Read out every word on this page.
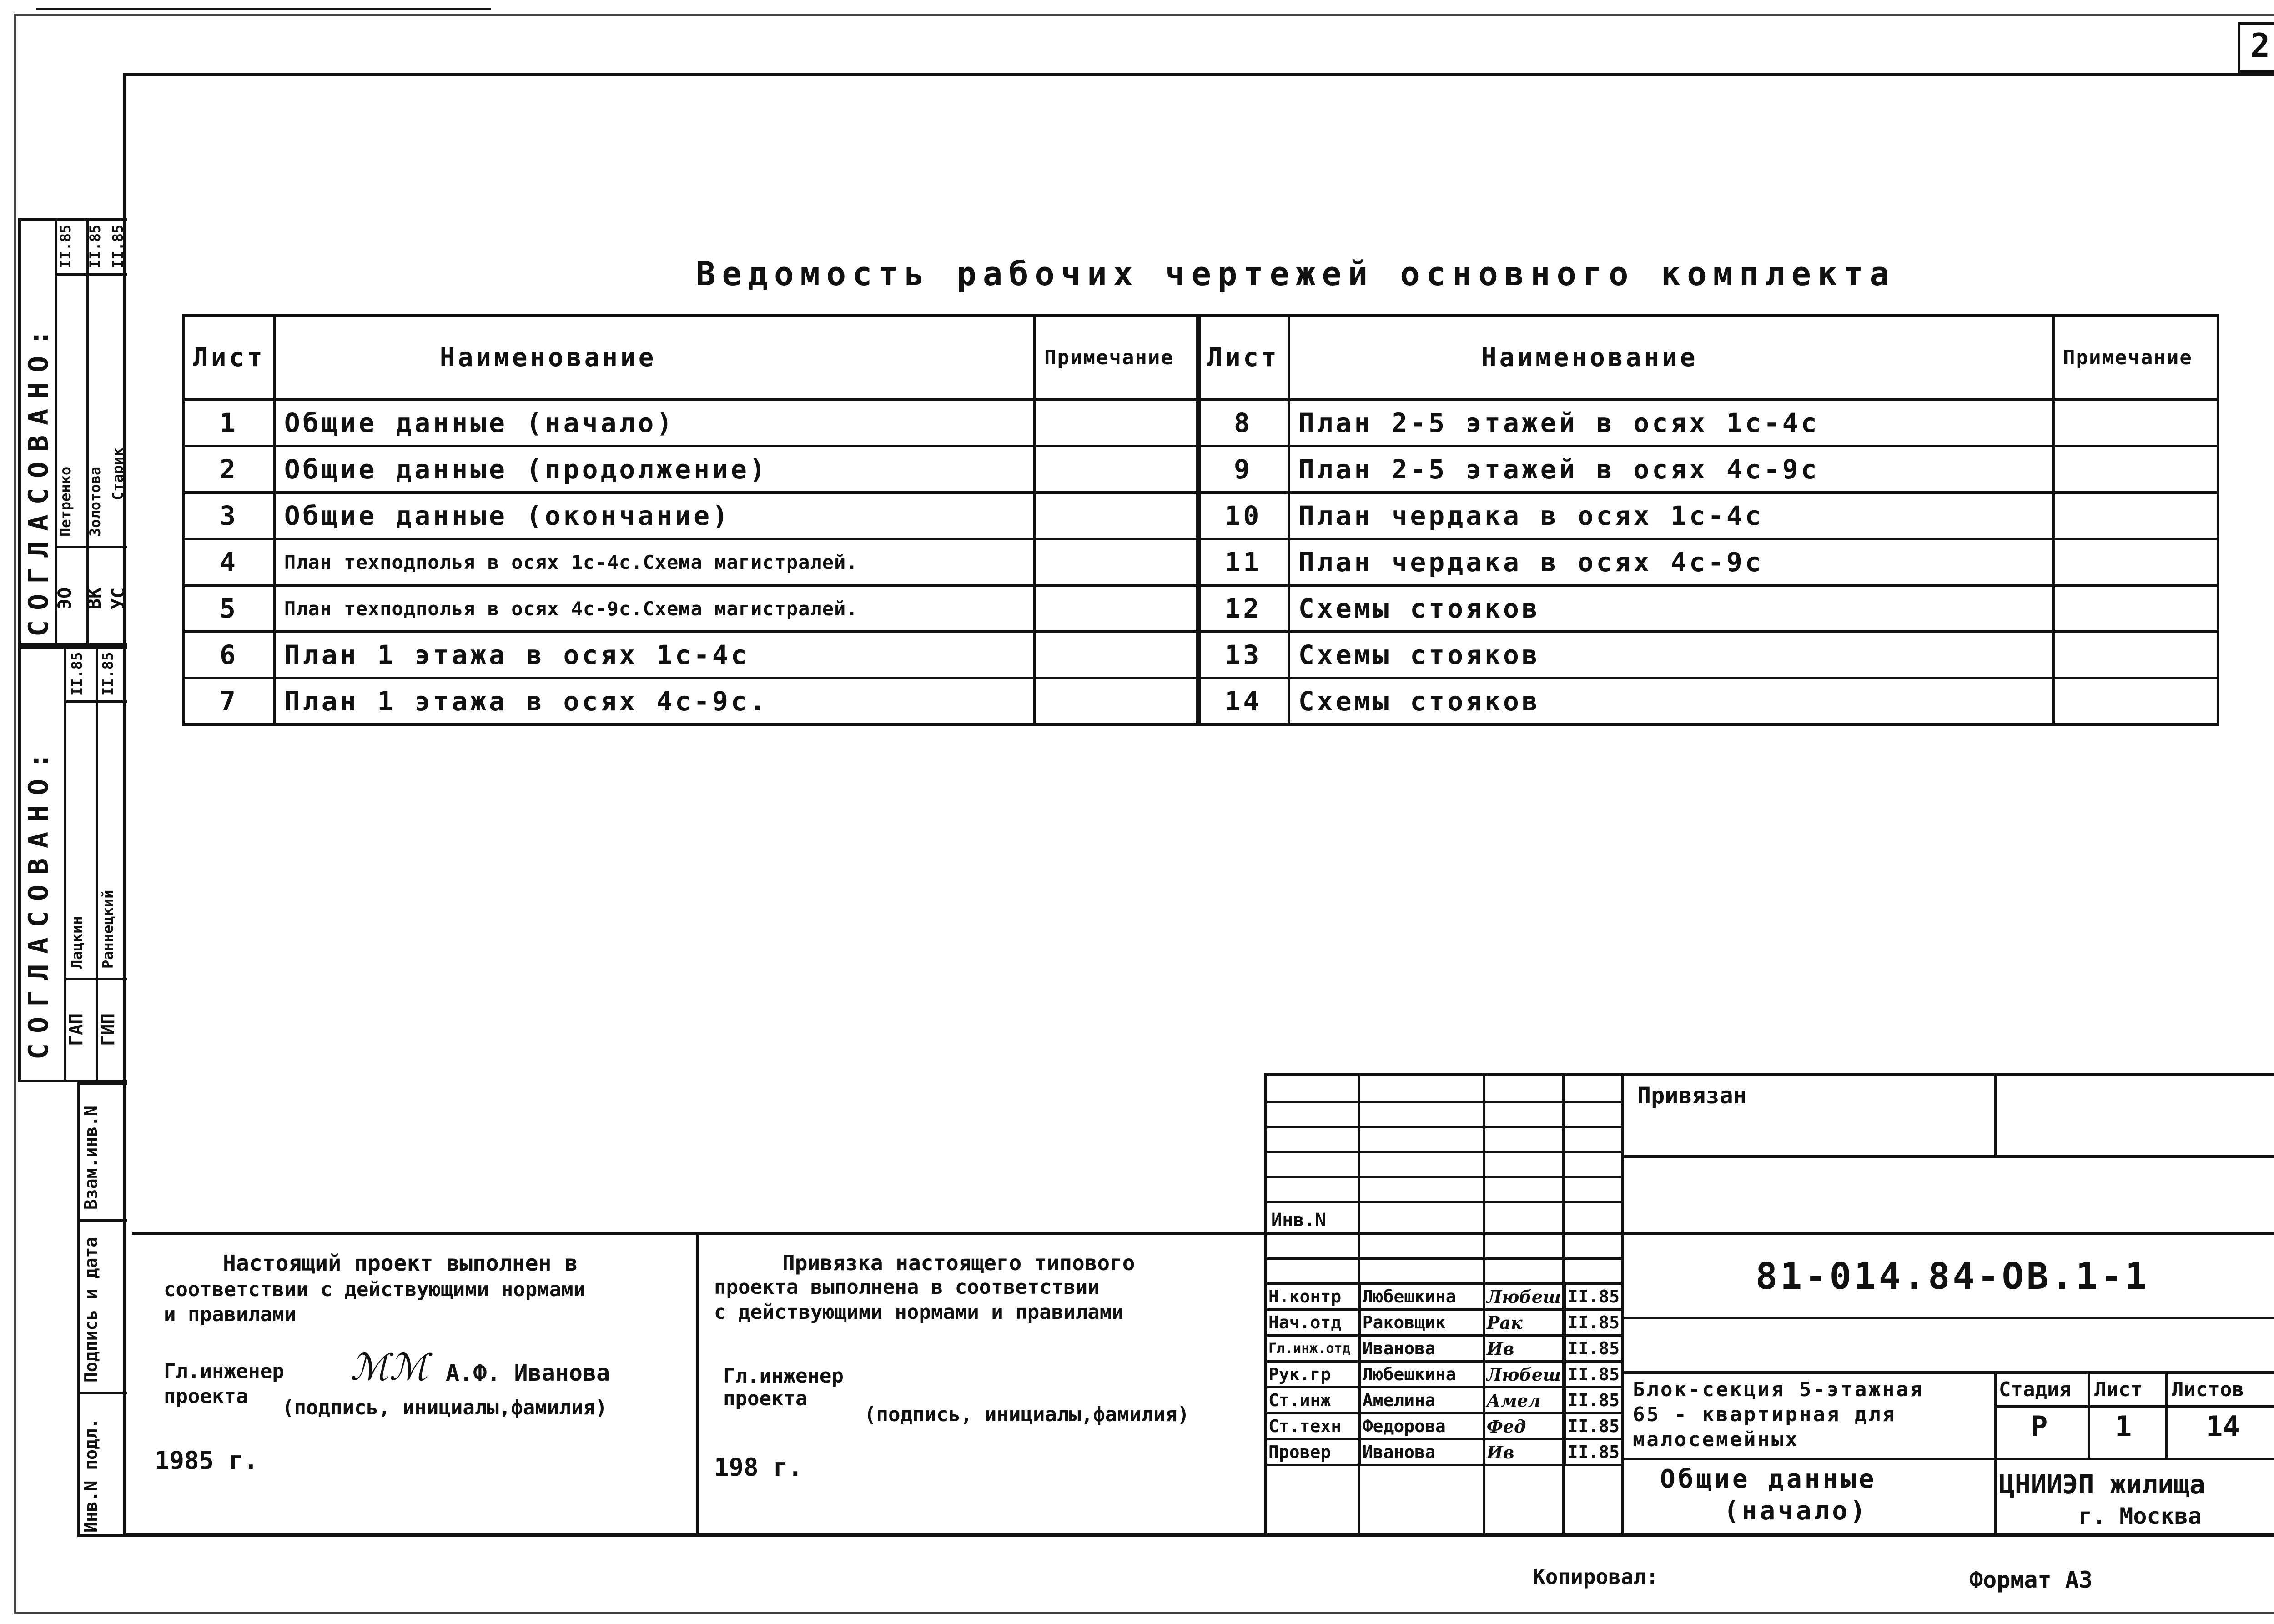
2
Ведомость рабочих чертежей основного комплекта
Лист	Наименование	Примечание
1	Общие данные (начало)	
2	Общие данные (продолжение)	
3	Общие данные (окончание)	
4	План техподполья в осях 1с-4с.Схема магистралей.	
5	План техподполья в осях 4с-9с.Схема магистралей.	
6	План 1 этажа в осях 1с-4с	
7	План 1 этажа в осях 4с-9с.	
Лист	Наименование	Примечание
8	План 2-5 этажей в осях 1с-4с	
9	План 2-5 этажей в осях 4с-9с	
10	План чердака в осях 1с-4с	
11	План чердака в осях 4с-9с	
12	Схемы стояков	
13	Схемы стояков	
14	Схемы стояков	
СОГЛАСОВАНО: ЭО
Петренко
II.85
ВК
Золотова
II.85
УС
Старик
II.85
СОГЛАСОВАНО: ГАП
Лацкин
II.85
ГИП
Раннецкий
II.85
Взам.инв.N
Подпись и дата
Инв.N подл.
Настоящий проект выполнен в
соответствии с действующими нормами
и правилами
Гл.инженер
проекта
ℳℳ А.Ф. Иванова
(подпись, инициалы,фамилия)
1985 г.
Привязка настоящего типового
проекта выполнена в соответствии
с действующими нормами и правилами
Гл.инженер
проекта
(подпись, инициалы,фамилия)
198 г.
Инв.N
Н.контр	Любешкина	Любеш	II.85
Нач.отд	Раковщик	Рак	II.85
Гл.инж.отд	Иванова	Ив	II.85
Рук.гр	Любешкина	Любеш	II.85
Ст.инж	Амелина	Амел	II.85
Ст.техн	Федорова	Фед	II.85
Провер	Иванова	Ив	II.85
Привязан
81-014.84-ОВ.1-1
Блок-секция 5-этажная
65 - квартирная для
малосемейных
Стадия Лист Листов
Р 1	14
Общие данные
(начало)
ЦНИИЭП жилища
г. Москва
Копировал:	Формат А3
